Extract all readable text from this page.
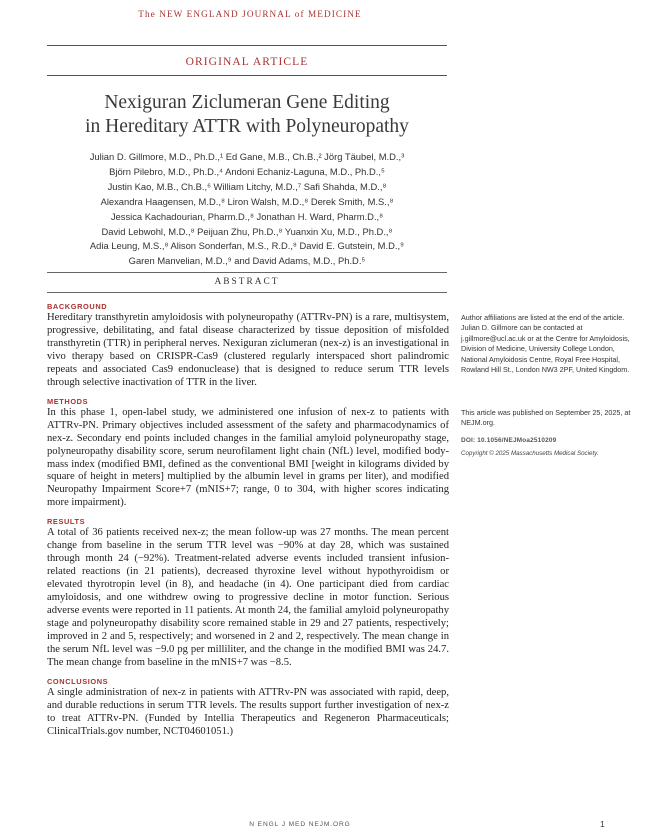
The NEW ENGLAND JOURNAL of MEDICINE
ORIGINAL ARTICLE
Nexiguran Ziclumeran Gene Editing
in Hereditary ATTR with Polyneuropathy
Julian D. Gillmore, M.D., Ph.D.,¹ Ed Gane, M.B., Ch.B.,² Jörg Täubel, M.D.,³
Björn Pilebro, M.D., Ph.D.,⁴ Andoni Echaniz-Laguna, M.D., Ph.D.,⁵
Justin Kao, M.B., Ch.B.,⁶ William Litchy, M.D.,⁷ Safi Shahda, M.D.,⁸
Alexandra Haagensen, M.D.,⁸ Liron Walsh, M.D.,⁸ Derek Smith, M.S.,⁸
Jessica Kachadourian, Pharm.D.,⁸ Jonathan H. Ward, Pharm.D.,⁸
David Lebwohl, M.D.,⁸ Peijuan Zhu, Ph.D.,⁸ Yuanxin Xu, M.D., Ph.D.,⁸
Adia Leung, M.S.,⁸ Alison Sonderfan, M.S., R.D.,⁸ David E. Gutstein, M.D.,⁹
Garen Manvelian, M.D.,⁹ and David Adams, M.D., Ph.D.⁵
ABSTRACT

BACKGROUND

Hereditary transthyretin amyloidosis with polyneuropathy (ATTRv-PN) is a rare, multisystem, progressive, debilitating, and fatal disease characterized by tissue deposition of misfolded transthyretin (TTR) in peripheral nerves. Nexiguran ziclumeran (nex-z) is an investigational in vivo therapy based on CRISPR-Cas9 (clustered regularly interspaced short palindromic repeats and associated Cas9 endonuclease) that is designed to reduce serum TTR levels through selective inactivation of TTR in the liver.

METHODS

In this phase 1, open-label study, we administered one infusion of nex-z to patients with ATTRv-PN. Primary objectives included assessment of the safety and pharmacodynamics of nex-z. Secondary end points included changes in the familial amyloid polyneuropathy stage, polyneuropathy disability score, serum neurofilament light chain (NfL) level, modified body-mass index (modified BMI, defined as the conventional BMI [weight in kilograms divided by square of height in meters] multiplied by the albumin level in grams per liter), and modified Neuropathy Impairment Score+7 (mNIS+7; range, 0 to 304, with higher scores indicating more impairment).

RESULTS

A total of 36 patients received nex-z; the mean follow-up was 27 months. The mean percent change from baseline in the serum TTR level was −90% at day 28, which was sustained through month 24 (−92%). Treatment-related adverse events included transient infusion-related reactions (in 21 patients), decreased thyroxine level without hypothyroidism or elevated thyrotropin level (in 8), and headache (in 4). One participant died from cardiac amyloidosis, and one withdrew owing to progressive decline in motor function. Serious adverse events were reported in 11 patients. At month 24, the familial amyloid polyneuropathy stage and polyneuropathy disability score remained stable in 29 and 27 patients, respectively; improved in 2 and 5, respectively; and worsened in 2 and 2, respectively. The mean change in the serum NfL level was −9.0 pg per milliliter, and the change in the modified BMI was 24.7. The mean change from baseline in the mNIS+7 was −8.5.

CONCLUSIONS

A single administration of nex-z in patients with ATTRv-PN was associated with rapid, deep, and durable reductions in serum TTR levels. The results support further investigation of nex-z to treat ATTRv-PN. (Funded by Intellia Therapeutics and Regeneron Pharmaceuticals; ClinicalTrials.gov number, NCT04601051.)

Author affiliations are listed at the end of the article. Julian D. Gillmore can be contacted at j.gillmore@ucl.ac.uk or at the Centre for Amyloidosis, Division of Medicine, University College London, National Amyloidosis Centre, Royal Free Hospital, Rowland Hill St., London NW3 2PF, United Kingdom.
This article was published on September 25, 2025, at NEJM.org.
DOI: 10.1056/NEJMoa2510209
Copyright © 2025 Massachusetts Medical Society.
N ENGL J MED NEJM.ORG	1
